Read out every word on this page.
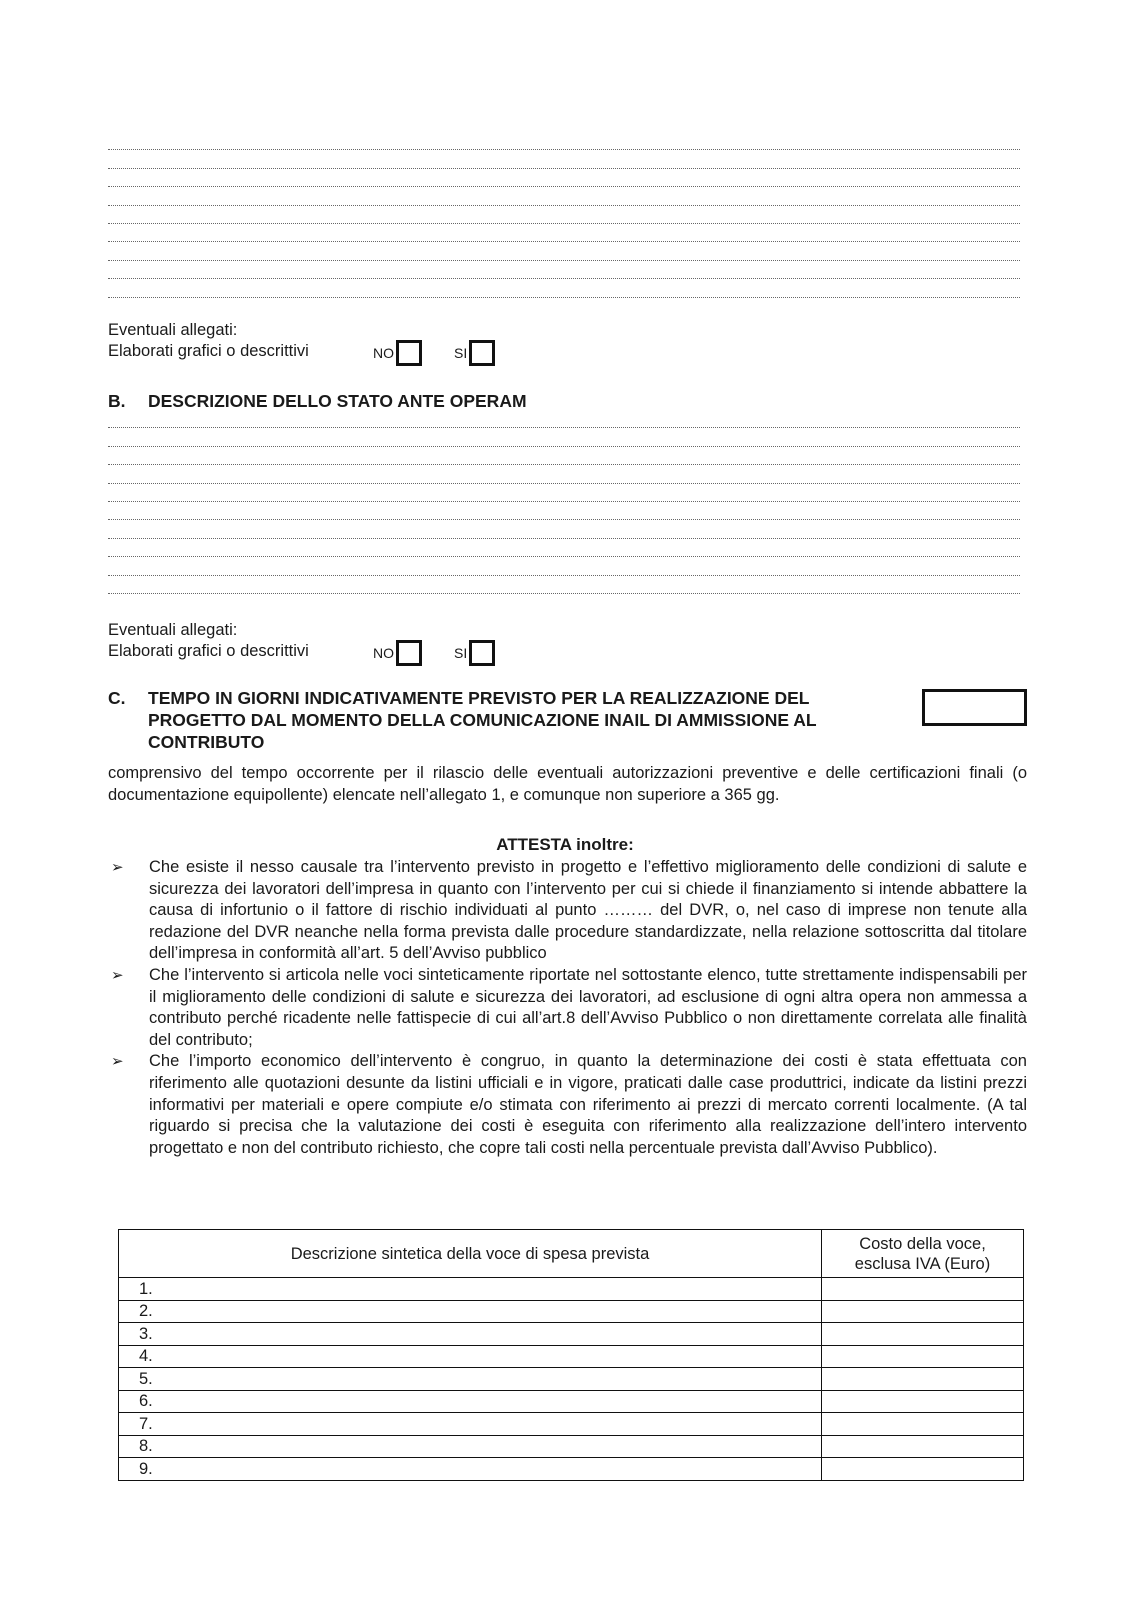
Eventuali allegati:
Elaborati grafici o descrittivi	NO	SI
B. DESCRIZIONE DELLO STATO ANTE OPERAM
Eventuali allegati:
Elaborati grafici o descrittivi	NO	SI
C. TEMPO IN GIORNI INDICATIVAMENTE PREVISTO PER LA REALIZZAZIONE DEL
PROGETTO DAL MOMENTO DELLA COMUNICAZIONE INAIL DI AMMISSIONE AL
CONTRIBUTO
comprensivo del tempo occorrente per il rilascio delle eventuali autorizzazioni preventive e delle certificazioni finali (o documentazione equipollente) elencate nell’allegato 1, e comunque non superiore a 365 gg.
ATTESTA inoltre:
➢ Che esiste il nesso causale tra l’intervento previsto in progetto e l’effettivo miglioramento delle condizioni di salute e sicurezza dei lavoratori dell’impresa in quanto con l’intervento per cui si chiede il finanziamento si intende abbattere la causa di infortunio o il fattore di rischio individuati al punto ……… del DVR, o, nel caso di imprese non tenute alla redazione del DVR neanche nella forma prevista dalle procedure standardizzate, nella relazione sottoscritta dal titolare dell’impresa in conformità all’art. 5 dell’Avviso pubblico
➢ Che l’intervento si articola nelle voci sinteticamente riportate nel sottostante elenco, tutte strettamente indispensabili per il miglioramento delle condizioni di salute e sicurezza dei lavoratori, ad esclusione di ogni altra opera non ammessa a contributo perché ricadente nelle fattispecie di cui all’art.8 dell’Avviso Pubblico o non direttamente correlata alle finalità del contributo;
➢ Che l’importo economico dell’intervento è congruo, in quanto la determinazione dei costi è stata effettuata con riferimento alle quotazioni desunte da listini ufficiali e in vigore, praticati dalle case produttrici, indicate da listini prezzi informativi per materiali e opere compiute e/o stimata con riferimento ai prezzi di mercato correnti localmente. (A tal riguardo si precisa che la valutazione dei costi è eseguita con riferimento alla realizzazione dell’intero intervento progettato e non del contributo richiesto, che copre tali costi nella percentuale prevista dall’Avviso Pubblico).
Descrizione sintetica della voce di spesa prevista	Costo della voce,
esclusa IVA (Euro)

1.	
2.	
3.	
4.	
5.	
6.	
7.	
8.	
9.	
